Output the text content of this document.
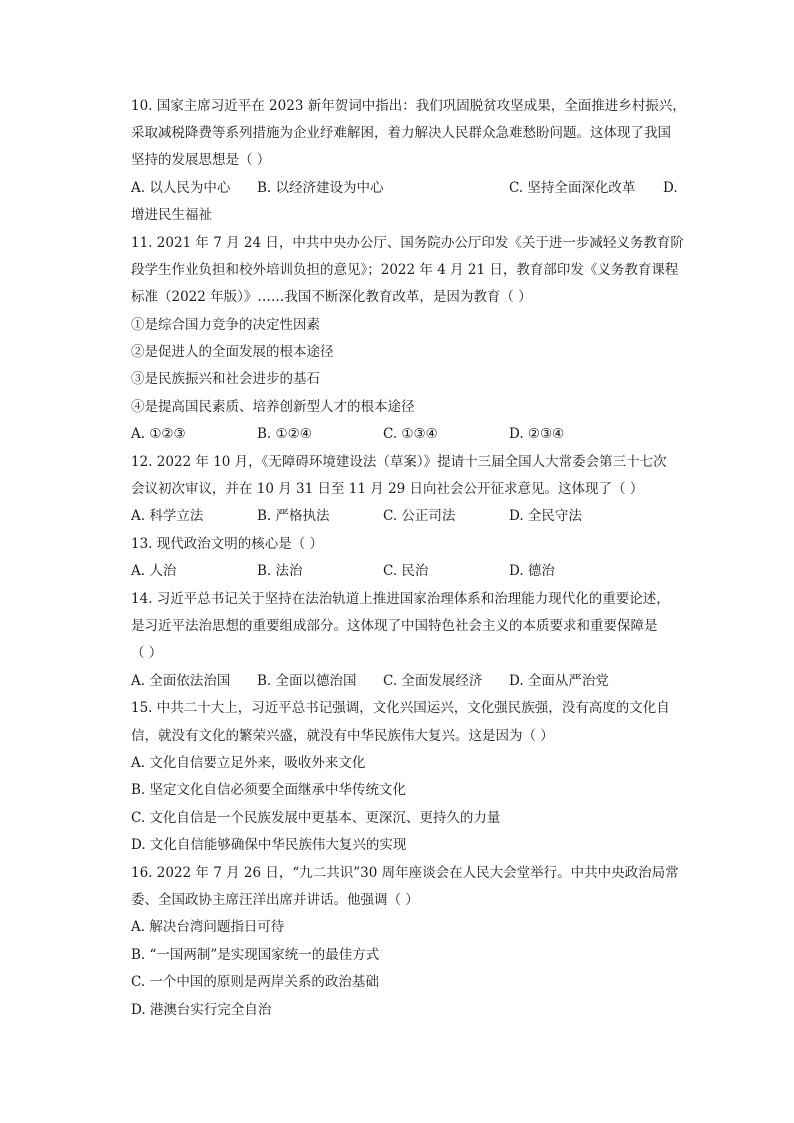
10. 国家主席习近平在 2023 新年贺词中指出：我们巩固脱贫攻坚成果，全面推进乡村振兴，
采取减税降费等系列措施为企业纾难解困，着力解决人民群众急难愁盼问题。这体现了我国
坚持的发展思想是（ ）
A. 以人民为中心 B. 以经济建设为中心	C. 坚持全面深化改革 D.
增进民生福祉
11. 2021 年 7 月 24 日，中共中央办公厅、国务院办公厅印发《关于进一步减轻义务教育阶
段学生作业负担和校外培训负担的意见》；2022 年 4 月 21 日，教育部印发《义务教育课程
标准（2022 年版）》……我国不断深化教育改革，是因为教育（ ）
①是综合国力竞争的决定性因素
②是促进人的全面发展的根本途径
③是民族振兴和社会进步的基石
④是提高国民素质、培养创新型人才的根本途径
A. ①②③	B. ①②④	C. ①③④	D. ②③④
12. 2022 年 10 月，《无障碍环境建设法（草案）》提请十三届全国人大常委会第三十七次
会议初次审议，并在 10 月 31 日至 11 月 29 日向社会公开征求意见。这体现了（ ）
A. 科学立法	B. 严格执法	C. 公正司法	D. 全民守法
13. 现代政治文明的核心是（ ）
A. 人治	B. 法治	C. 民治	D. 德治
14. 习近平总书记关于坚持在法治轨道上推进国家治理体系和治理能力现代化的重要论述，
是习近平法治思想的重要组成部分。这体现了中国特色社会主义的本质要求和重要保障是
（ ）
A. 全面依法治国 B. 全面以德治国 C. 全面发展经济 D. 全面从严治党
15. 中共二十大上，习近平总书记强调，文化兴国运兴，文化强民族强，没有高度的文化自
信，就没有文化的繁荣兴盛，就没有中华民族伟大复兴。这是因为（ ）
A. 文化自信要立足外来，吸收外来文化
B. 坚定文化自信必须要全面继承中华传统文化
C. 文化自信是一个民族发展中更基本、更深沉、更持久的力量
D. 文化自信能够确保中华民族伟大复兴的实现
16. 2022 年 7 月 26 日，“九二共识”30 周年座谈会在人民大会堂举行。中共中央政治局常
委、全国政协主席汪洋出席并讲话。他强调（ ）
A. 解决台湾问题指日可待
B. “一国两制”是实现国家统一的最佳方式
C. 一个中国的原则是两岸关系的政治基础
D. 港澳台实行完全自治
